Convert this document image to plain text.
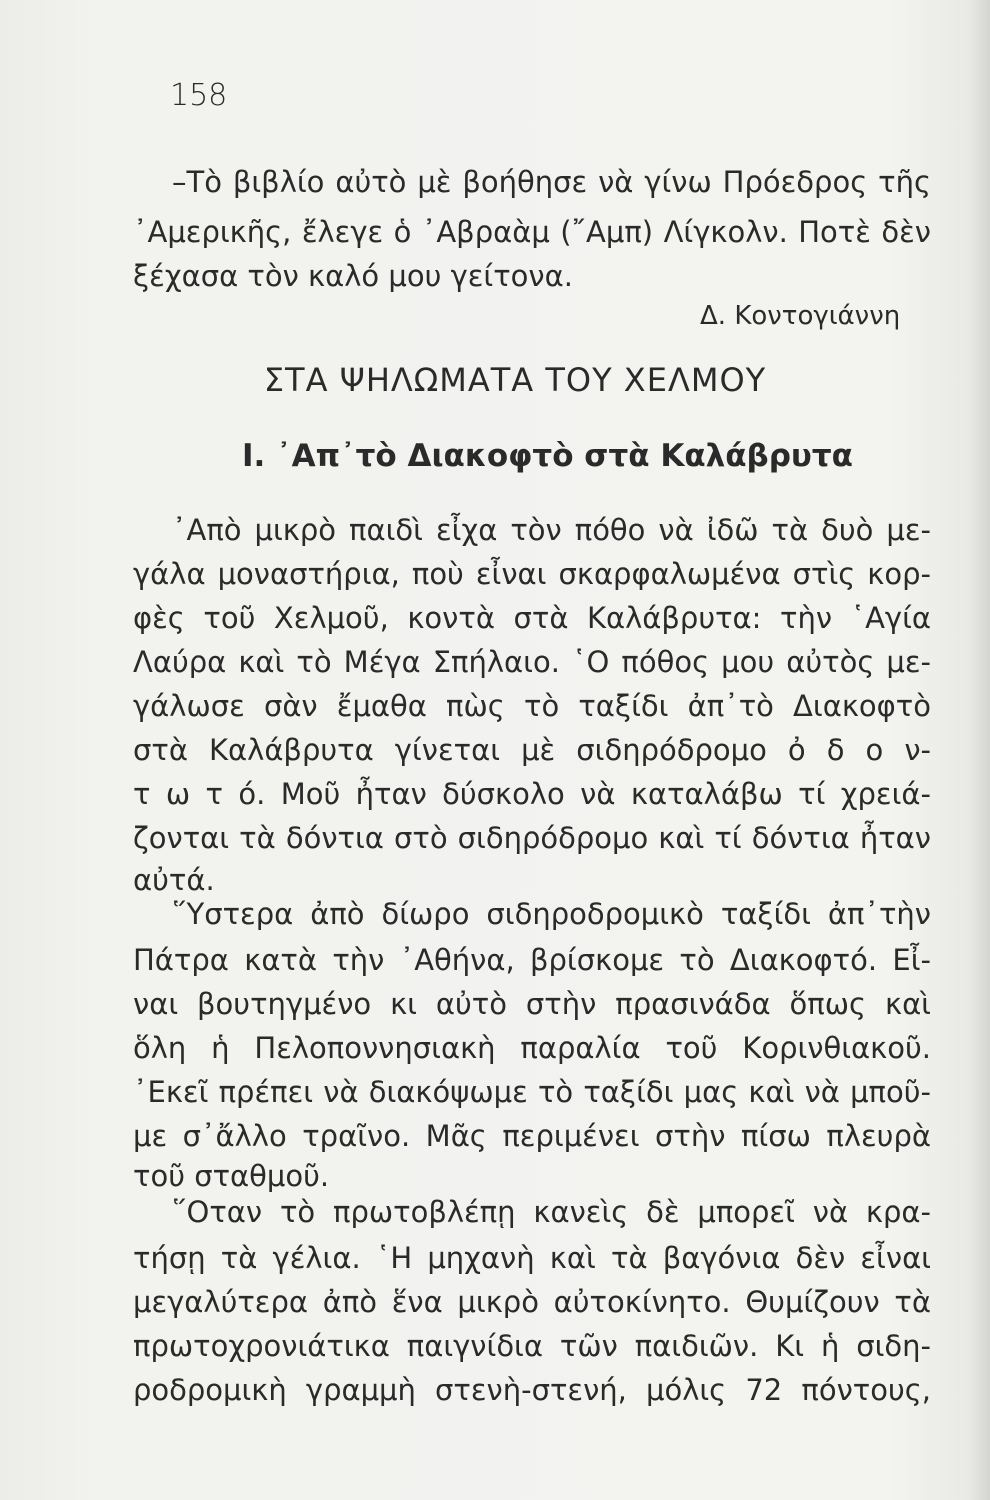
158
–Τὸ βιβλίο αὐτὸ μὲ βοήθησε νὰ γίνω Πρόεδρος τῆς
᾿Αμερικῆς, ἔλεγε ὁ ᾿Αβραὰμ (῎Αμπ) Λίγκολν. Ποτὲ δὲν
ξέχασα τὸν καλό μου γείτονα.
Δ. Κοντογιάννη
ΣΤΑ ΨΗΛΩΜΑΤΑ ΤΟΥ ΧΕΛΜΟΥ
I. ᾿Απ᾿τὸ Διακοφτὸ στὰ Καλάβρυτα
᾿Απὸ μικρὸ παιδὶ εἶχα τὸν πόθο νὰ ἰδῶ τὰ δυὸ με-
γάλα μοναστήρια, ποὺ εἶναι σκαρφαλωμένα στὶς κορ-
φὲς τοῦ Χελμοῦ, κοντὰ στὰ Καλάβρυτα: τὴν ῾Αγία
Λαύρα καὶ τὸ Μέγα Σπήλαιο. ῾Ο πόθος μου αὐτὸς με-
γάλωσε σὰν ἔμαθα πὼς τὸ ταξίδι ἀπ᾿τὸ Διακοφτὸ
στὰ Καλάβρυτα γίνεται μὲ σιδηρόδρομο ὀ δ ο ν-
τ ω τ ό. Μοῦ ἦταν δύσκολο νὰ καταλάβω τί χρειά-
ζονται τὰ δόντια στὸ σιδηρόδρομο καὶ τί δόντια ἦταν
αὐτά.
῞Υστερα ἀπὸ δίωρο σιδηροδρομικὸ ταξίδι ἀπ᾿τὴν
Πάτρα κατὰ τὴν ᾿Αθήνα, βρίσκομε τὸ Διακοφτό. Εἶ-
ναι βουτηγμένο κι αὐτὸ στὴν πρασινάδα ὅπως καὶ
ὅλη ἡ Πελοποννησιακὴ παραλία τοῦ Κορινθιακοῦ.
᾿Εκεῖ πρέπει νὰ διακόψωμε τὸ ταξίδι μας καὶ νὰ μποῦ-
με σ᾿ἄλλο τραῖνο. Μᾶς περιμένει στὴν πίσω πλευρὰ
τοῦ σταθμοῦ.
῞Οταν τὸ πρωτοβλέπῃ κανεὶς δὲ μπορεῖ νὰ κρα-
τήσῃ τὰ γέλια. ῾Η μηχανὴ καὶ τὰ βαγόνια δὲν εἶναι
μεγαλύτερα ἀπὸ ἕνα μικρὸ αὐτοκίνητο. Θυμίζουν τὰ
πρωτοχρονιάτικα παιγνίδια τῶν παιδιῶν. Κι ἡ σιδη-
ροδρομικὴ γραμμὴ στενὴ-στενή, μόλις 72 πόντους,
